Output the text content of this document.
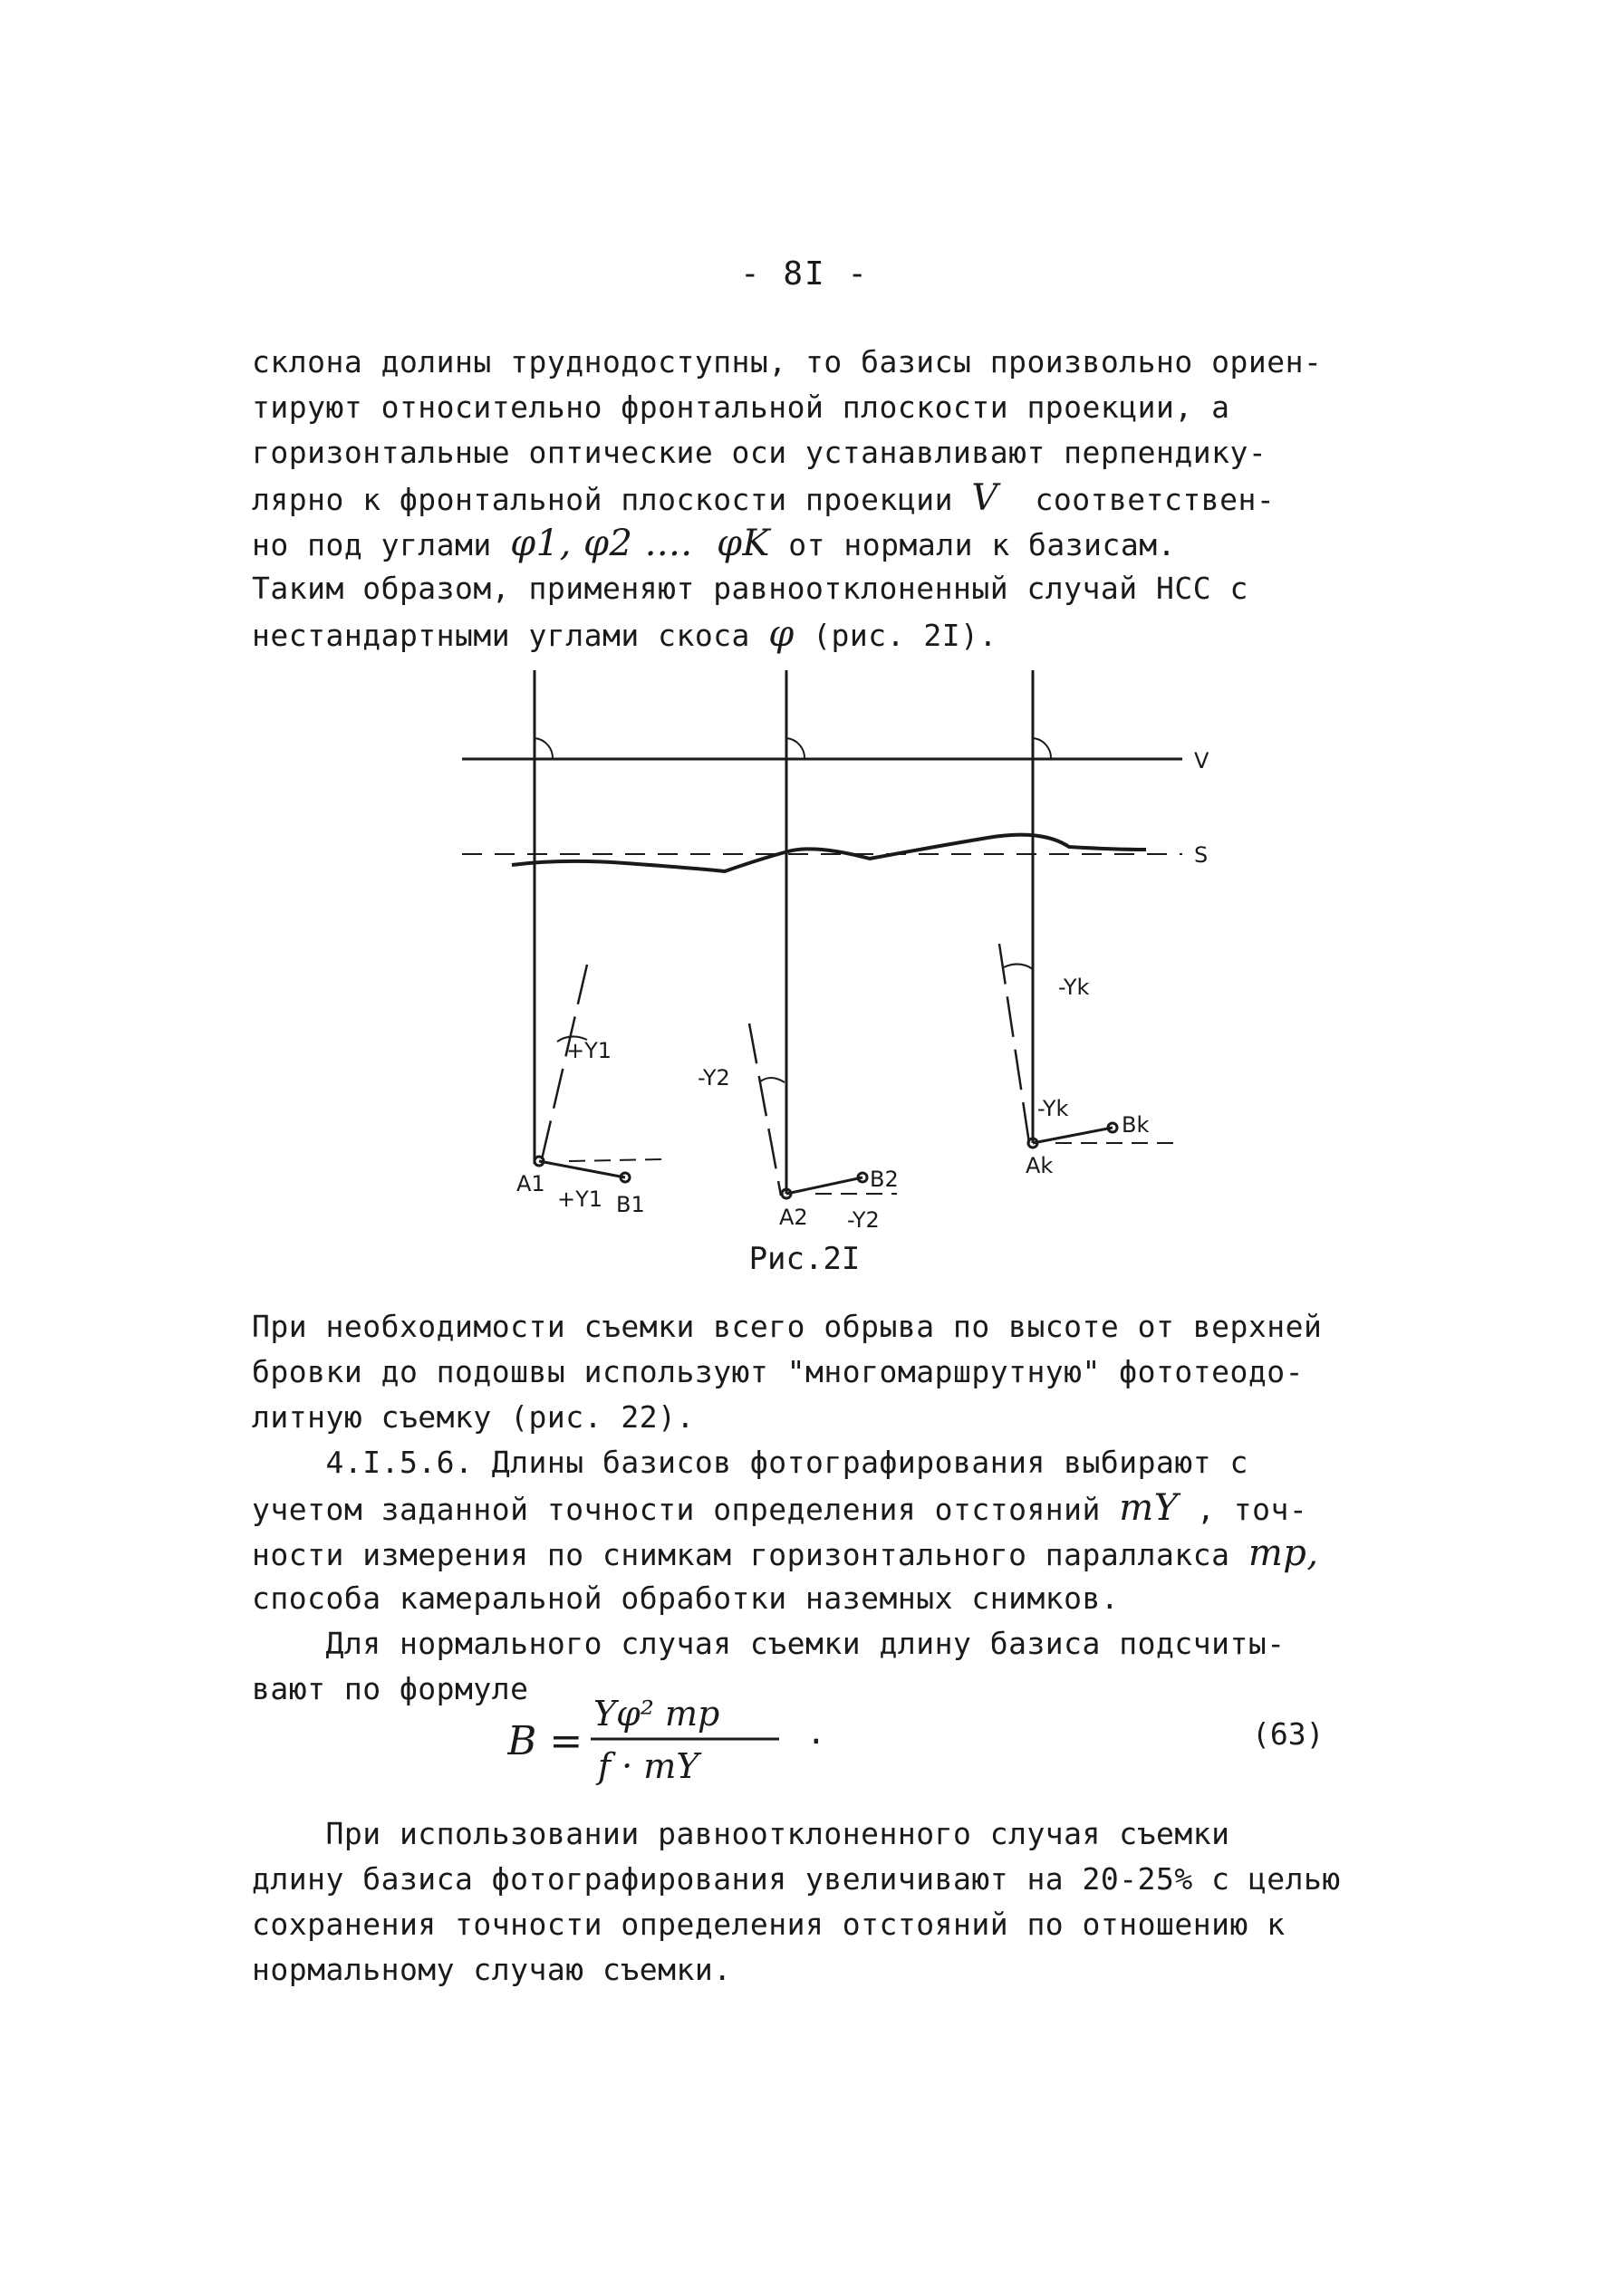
- 8I -
склона долины труднодоступны, то базисы произвольно ориен-
тируют относительно фронтальной плоскости проекции, а
горизонтальные оптические оси устанавливают перпендику-
лярно к фронтальной плоскости проекции V  соответствен-
но под углами φ1, φ2 ....  φK от нормали к базисам.
Таким образом, применяют равноотклоненный случай НСС с
нестандартными углами скоса φ (рис. 2I).
V
S
+Y1
A1
+Y1 B1
-Y2
A2
B2
-Y2
-Yk
-Yk
Ak
Bk
Рис.2I
При необходимости съемки всего обрыва по высоте от верхней
бровки до подошвы используют "многомаршрутную" фототеодо-
литную съемку (рис. 22).
4.I.5.6. Длины базисов фотографирования выбирают с
учетом заданной точности определения отстояний mY , точ-
ности измерения по снимкам горизонтального параллакса mp,
способа камеральной обработки наземных снимков.
Для нормального случая съемки длину базиса подсчиты-
вают по формуле
B =
Yφ² mp
f · mY
.	(63)
При использовании равноотклоненного случая съемки
длину базиса фотографирования увеличивают на 20-25% с целью
сохранения точности определения отстояний по отношению к
нормальному случаю съемки.
